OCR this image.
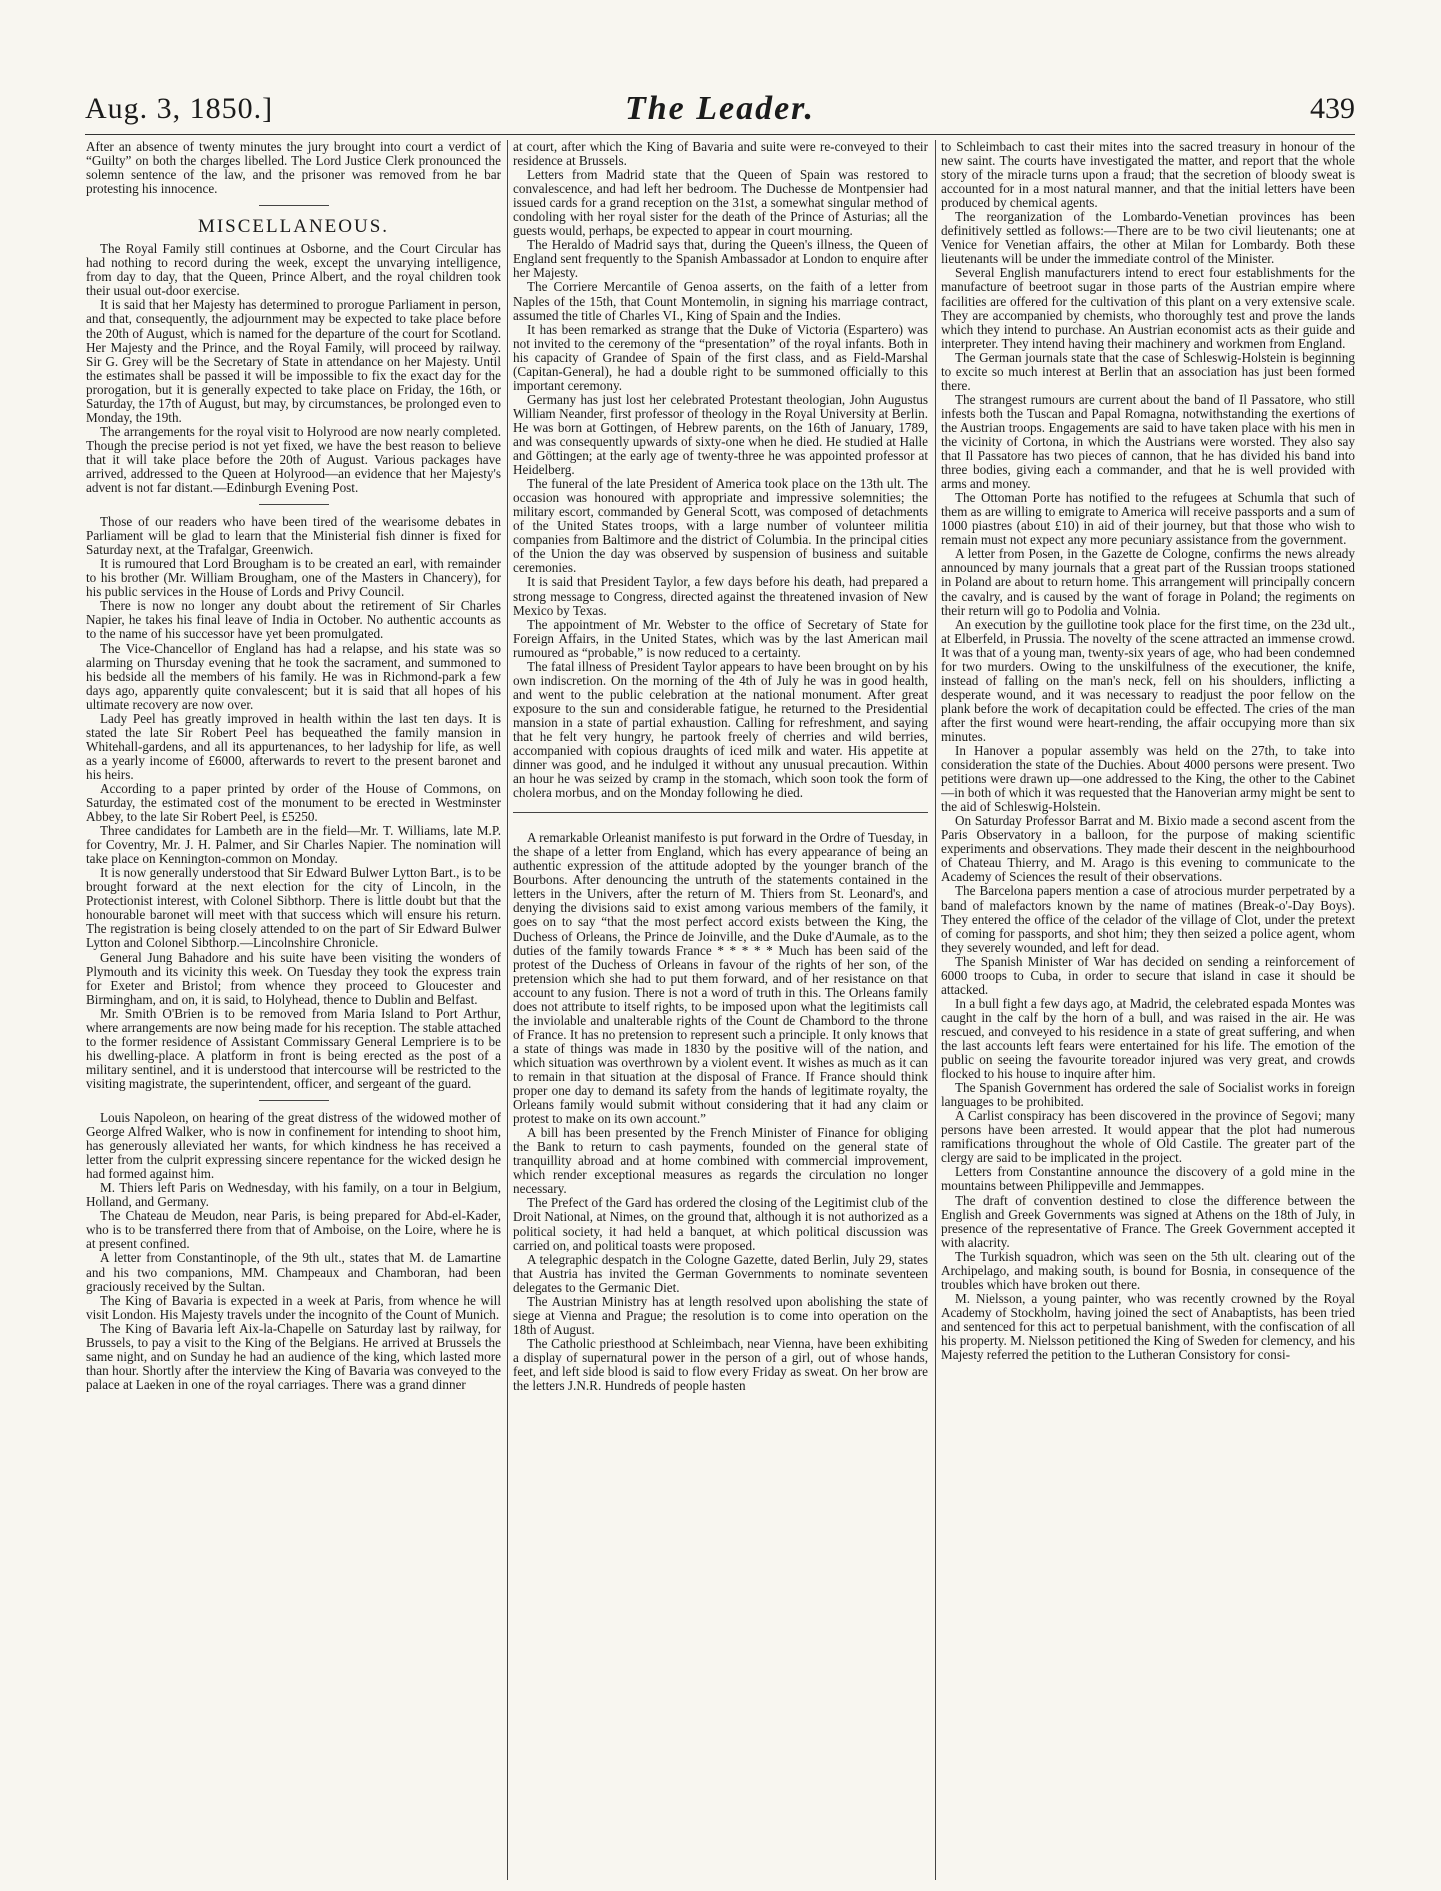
Aug. 3, 1850.]	The Leader.	439

After an absence of twenty minutes the jury brought into court a verdict of “Guilty” on both the charges libelled. The Lord Justice Clerk pronounced the solemn sentence of the law, and the prisoner was removed from he bar protesting his innocence.

MISCELLANEOUS.

The Royal Family still continues at Osborne, and the Court Circular has had nothing to record during the week, except the unvarying intelligence, from day to day, that the Queen, Prince Albert, and the royal children took their usual out-door exercise.

It is said that her Majesty has determined to prorogue Parliament in person, and that, consequently, the adjournment may be expected to take place before the 20th of August, which is named for the departure of the court for Scotland. Her Majesty and the Prince, and the Royal Family, will proceed by railway. Sir G. Grey will be the Secretary of State in attendance on her Majesty. Until the estimates shall be passed it will be impossible to fix the exact day for the prorogation, but it is generally expected to take place on Friday, the 16th, or Saturday, the 17th of August, but may, by circumstances, be prolonged even to Monday, the 19th.

The arrangements for the royal visit to Holyrood are now nearly completed. Though the precise period is not yet fixed, we have the best reason to believe that it will take place before the 20th of August. Various packages have arrived, addressed to the Queen at Holyrood—an evidence that her Majesty's advent is not far distant.—Edinburgh Evening Post.

Those of our readers who have been tired of the wearisome debates in Parliament will be glad to learn that the Ministerial fish dinner is fixed for Saturday next, at the Trafalgar, Greenwich.

It is rumoured that Lord Brougham is to be created an earl, with remainder to his brother (Mr. William Brougham, one of the Masters in Chancery), for his public services in the House of Lords and Privy Council.

There is now no longer any doubt about the retirement of Sir Charles Napier, he takes his final leave of India in October. No authentic accounts as to the name of his successor have yet been promulgated.

The Vice-Chancellor of England has had a relapse, and his state was so alarming on Thursday evening that he took the sacrament, and summoned to his bedside all the members of his family. He was in Richmond-park a few days ago, apparently quite convalescent; but it is said that all hopes of his ultimate recovery are now over.

Lady Peel has greatly improved in health within the last ten days. It is stated the late Sir Robert Peel has bequeathed the family mansion in Whitehall-gardens, and all its appurtenances, to her ladyship for life, as well as a yearly income of £6000, afterwards to revert to the present baronet and his heirs.

According to a paper printed by order of the House of Commons, on Saturday, the estimated cost of the monument to be erected in Westminster Abbey, to the late Sir Robert Peel, is £5250.

Three candidates for Lambeth are in the field—Mr. T. Williams, late M.P. for Coventry, Mr. J. H. Palmer, and Sir Charles Napier. The nomination will take place on Kennington-common on Monday.

It is now generally understood that Sir Edward Bulwer Lytton Bart., is to be brought forward at the next election for the city of Lincoln, in the Protectionist interest, with Colonel Sibthorp. There is little doubt but that the honourable baronet will meet with that success which will ensure his return. The registration is being closely attended to on the part of Sir Edward Bulwer Lytton and Colonel Sibthorp.—Lincolnshire Chronicle.

General Jung Bahadore and his suite have been visiting the wonders of Plymouth and its vicinity this week. On Tuesday they took the express train for Exeter and Bristol; from whence they proceed to Gloucester and Birmingham, and on, it is said, to Holyhead, thence to Dublin and Belfast.

Mr. Smith O'Brien is to be removed from Maria Island to Port Arthur, where arrangements are now being made for his reception. The stable attached to the former residence of Assistant Commissary General Lempriere is to be his dwelling-place. A platform in front is being erected as the post of a military sentinel, and it is understood that intercourse will be restricted to the visiting magistrate, the superintendent, officer, and sergeant of the guard.

Louis Napoleon, on hearing of the great distress of the widowed mother of George Alfred Walker, who is now in confinement for intending to shoot him, has generously alleviated her wants, for which kindness he has received a letter from the culprit expressing sincere repentance for the wicked design he had formed against him.

M. Thiers left Paris on Wednesday, with his family, on a tour in Belgium, Holland, and Germany.

The Chateau de Meudon, near Paris, is being prepared for Abd-el-Kader, who is to be transferred there from that of Amboise, on the Loire, where he is at present confined.

A letter from Constantinople, of the 9th ult., states that M. de Lamartine and his two companions, MM. Champeaux and Chamboran, had been graciously received by the Sultan.

The King of Bavaria is expected in a week at Paris, from whence he will visit London. His Majesty travels under the incognito of the Count of Munich.

The King of Bavaria left Aix-la-Chapelle on Saturday last by railway, for Brussels, to pay a visit to the King of the Belgians. He arrived at Brussels the same night, and on Sunday he had an audience of the king, which lasted more than hour. Shortly after the interview the King of Bavaria was conveyed to the palace at Laeken in one of the royal carriages. There was a grand dinner

at court, after which the King of Bavaria and suite were re-conveyed to their residence at Brussels.

Letters from Madrid state that the Queen of Spain was restored to convalescence, and had left her bedroom. The Duchesse de Montpensier had issued cards for a grand reception on the 31st, a somewhat singular method of condoling with her royal sister for the death of the Prince of Asturias; all the guests would, perhaps, be expected to appear in court mourning.

The Heraldo of Madrid says that, during the Queen's illness, the Queen of England sent frequently to the Spanish Ambassador at London to enquire after her Majesty.

The Corriere Mercantile of Genoa asserts, on the faith of a letter from Naples of the 15th, that Count Montemolin, in signing his marriage contract, assumed the title of Charles VI., King of Spain and the Indies.

It has been remarked as strange that the Duke of Victoria (Espartero) was not invited to the ceremony of the “presentation” of the royal infants. Both in his capacity of Grandee of Spain of the first class, and as Field-Marshal (Capitan-General), he had a double right to be summoned officially to this important ceremony.

Germany has just lost her celebrated Protestant theologian, John Augustus William Neander, first professor of theology in the Royal University at Berlin. He was born at Gottingen, of Hebrew parents, on the 16th of January, 1789, and was consequently upwards of sixty-one when he died. He studied at Halle and Göttingen; at the early age of twenty-three he was appointed professor at Heidelberg.

The funeral of the late President of America took place on the 13th ult. The occasion was honoured with appropriate and impressive solemnities; the military escort, commanded by General Scott, was composed of detachments of the United States troops, with a large number of volunteer militia companies from Baltimore and the district of Columbia. In the principal cities of the Union the day was observed by suspension of business and suitable ceremonies.

It is said that President Taylor, a few days before his death, had prepared a strong message to Congress, directed against the threatened invasion of New Mexico by Texas.

The appointment of Mr. Webster to the office of Secretary of State for Foreign Affairs, in the United States, which was by the last American mail rumoured as “probable,” is now reduced to a certainty.

The fatal illness of President Taylor appears to have been brought on by his own indiscretion. On the morning of the 4th of July he was in good health, and went to the public celebration at the national monument. After great exposure to the sun and considerable fatigue, he returned to the Presidential mansion in a state of partial exhaustion. Calling for refreshment, and saying that he felt very hungry, he partook freely of cherries and wild berries, accompanied with copious draughts of iced milk and water. His appetite at dinner was good, and he indulged it without any unusual precaution. Within an hour he was seized by cramp in the stomach, which soon took the form of cholera morbus, and on the Monday following he died.

A remarkable Orleanist manifesto is put forward in the Ordre of Tuesday, in the shape of a letter from England, which has every appearance of being an authentic expression of the attitude adopted by the younger branch of the Bourbons. After denouncing the untruth of the statements contained in the letters in the Univers, after the return of M. Thiers from St. Leonard's, and denying the divisions said to exist among various members of the family, it goes on to say “that the most perfect accord exists between the King, the Duchess of Orleans, the Prince de Joinville, and the Duke d'Aumale, as to the duties of the family towards France * * * * * Much has been said of the protest of the Duchess of Orleans in favour of the rights of her son, of the pretension which she had to put them forward, and of her resistance on that account to any fusion. There is not a word of truth in this. The Orleans family does not attribute to itself rights, to be imposed upon what the legitimists call the inviolable and unalterable rights of the Count de Chambord to the throne of France. It has no pretension to represent such a principle. It only knows that a state of things was made in 1830 by the positive will of the nation, and which situation was overthrown by a violent event. It wishes as much as it can to remain in that situation at the disposal of France. If France should think proper one day to demand its safety from the hands of legitimate royalty, the Orleans family would submit without considering that it had any claim or protest to make on its own account.”

A bill has been presented by the French Minister of Finance for obliging the Bank to return to cash payments, founded on the general state of tranquillity abroad and at home combined with commercial improvement, which render exceptional measures as regards the circulation no longer necessary.

The Prefect of the Gard has ordered the closing of the Legitimist club of the Droit National, at Nimes, on the ground that, although it is not authorized as a political society, it had held a banquet, at which political discussion was carried on, and political toasts were proposed.

A telegraphic despatch in the Cologne Gazette, dated Berlin, July 29, states that Austria has invited the German Governments to nominate seventeen delegates to the Germanic Diet.

The Austrian Ministry has at length resolved upon abolishing the state of siege at Vienna and Prague; the resolution is to come into operation on the 18th of August.

The Catholic priesthood at Schleimbach, near Vienna, have been exhibiting a display of supernatural power in the person of a girl, out of whose hands, feet, and left side blood is said to flow every Friday as sweat. On her brow are the letters J.N.R. Hundreds of people hasten

to Schleimbach to cast their mites into the sacred treasury in honour of the new saint. The courts have investigated the matter, and report that the whole story of the miracle turns upon a fraud; that the secretion of bloody sweat is accounted for in a most natural manner, and that the initial letters have been produced by chemical agents.

The reorganization of the Lombardo-Venetian provinces has been definitively settled as follows:—There are to be two civil lieutenants; one at Venice for Venetian affairs, the other at Milan for Lombardy. Both these lieutenants will be under the immediate control of the Minister.

Several English manufacturers intend to erect four establishments for the manufacture of beetroot sugar in those parts of the Austrian empire where facilities are offered for the cultivation of this plant on a very extensive scale. They are accompanied by chemists, who thoroughly test and prove the lands which they intend to purchase. An Austrian economist acts as their guide and interpreter. They intend having their machinery and workmen from England.

The German journals state that the case of Schleswig-Holstein is beginning to excite so much interest at Berlin that an association has just been formed there.

The strangest rumours are current about the band of Il Passatore, who still infests both the Tuscan and Papal Romagna, notwithstanding the exertions of the Austrian troops. Engagements are said to have taken place with his men in the vicinity of Cortona, in which the Austrians were worsted. They also say that Il Passatore has two pieces of cannon, that he has divided his band into three bodies, giving each a commander, and that he is well provided with arms and money.

The Ottoman Porte has notified to the refugees at Schumla that such of them as are willing to emigrate to America will receive passports and a sum of 1000 piastres (about £10) in aid of their journey, but that those who wish to remain must not expect any more pecuniary assistance from the government.

A letter from Posen, in the Gazette de Cologne, confirms the news already announced by many journals that a great part of the Russian troops stationed in Poland are about to return home. This arrangement will principally concern the cavalry, and is caused by the want of forage in Poland; the regiments on their return will go to Podolia and Volnia.

An execution by the guillotine took place for the first time, on the 23d ult., at Elberfeld, in Prussia. The novelty of the scene attracted an immense crowd. It was that of a young man, twenty-six years of age, who had been condemned for two murders. Owing to the unskilfulness of the executioner, the knife, instead of falling on the man's neck, fell on his shoulders, inflicting a desperate wound, and it was necessary to readjust the poor fellow on the plank before the work of decapitation could be effected. The cries of the man after the first wound were heart-rending, the affair occupying more than six minutes.

In Hanover a popular assembly was held on the 27th, to take into consideration the state of the Duchies. About 4000 persons were present. Two petitions were drawn up—one addressed to the King, the other to the Cabinet—in both of which it was requested that the Hanoverian army might be sent to the aid of Schleswig-Holstein.

On Saturday Professor Barrat and M. Bixio made a second ascent from the Paris Observatory in a balloon, for the purpose of making scientific experiments and observations. They made their descent in the neighbourhood of Chateau Thierry, and M. Arago is this evening to communicate to the Academy of Sciences the result of their observations.

The Barcelona papers mention a case of atrocious murder perpetrated by a band of malefactors known by the name of matines (Break-o'-Day Boys). They entered the office of the celador of the village of Clot, under the pretext of coming for passports, and shot him; they then seized a police agent, whom they severely wounded, and left for dead.

The Spanish Minister of War has decided on sending a reinforcement of 6000 troops to Cuba, in order to secure that island in case it should be attacked.

In a bull fight a few days ago, at Madrid, the celebrated espada Montes was caught in the calf by the horn of a bull, and was raised in the air. He was rescued, and conveyed to his residence in a state of great suffering, and when the last accounts left fears were entertained for his life. The emotion of the public on seeing the favourite toreador injured was very great, and crowds flocked to his house to inquire after him.

The Spanish Government has ordered the sale of Socialist works in foreign languages to be prohibited.

A Carlist conspiracy has been discovered in the province of Segovi; many persons have been arrested. It would appear that the plot had numerous ramifications throughout the whole of Old Castile. The greater part of the clergy are said to be implicated in the project.

Letters from Constantine announce the discovery of a gold mine in the mountains between Philippeville and Jemmappes.

The draft of convention destined to close the difference between the English and Greek Governments was signed at Athens on the 18th of July, in presence of the representative of France. The Greek Government accepted it with alacrity.

The Turkish squadron, which was seen on the 5th ult. clearing out of the Archipelago, and making south, is bound for Bosnia, in consequence of the troubles which have broken out there.

M. Nielsson, a young painter, who was recently crowned by the Royal Academy of Stockholm, having joined the sect of Anabaptists, has been tried and sentenced for this act to perpetual banishment, with the confiscation of all his property. M. Nielsson petitioned the King of Sweden for clemency, and his Majesty referred the petition to the Lutheran Consistory for consi-
